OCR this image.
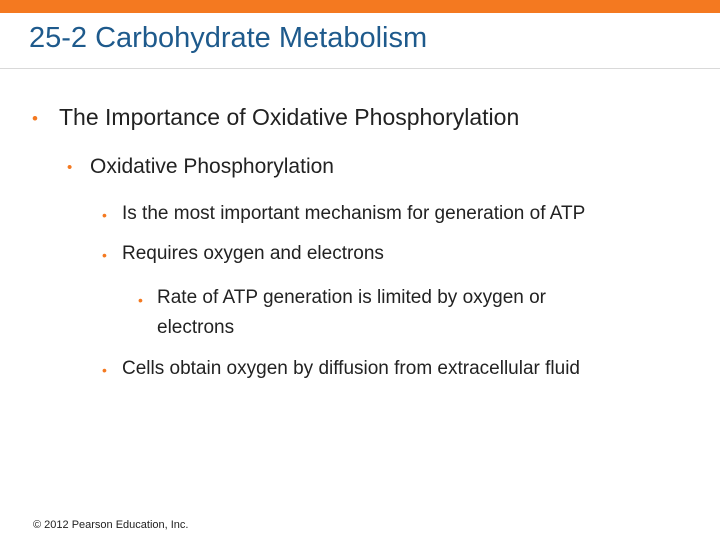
25-2 Carbohydrate Metabolism
• The Importance of Oxidative Phosphorylation
• Oxidative Phosphorylation
• Is the most important mechanism for generation of ATP
• Requires oxygen and electrons
• Rate of ATP generation is limited by oxygen or electrons
• Cells obtain oxygen by diffusion from extracellular fluid
© 2012 Pearson Education, Inc.
